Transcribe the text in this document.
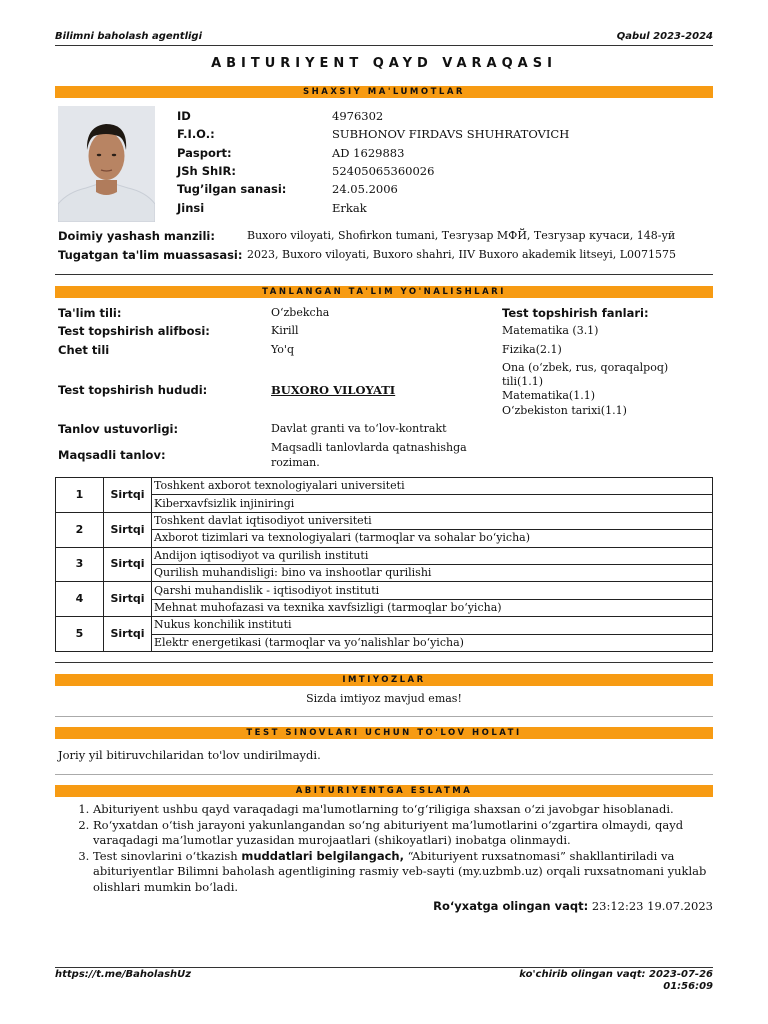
Bilimni baholash agentligi	Qabul 2023-2024
ABITURIYENT QAYD VARAQASI
SHAXSIY MA'LUMOTLAR
ID	4976302
F.I.O.:	SUBHONOV FIRDAVS SHUHRATOVICH
Pasport:	AD 1629883
JSh ShIR:	52405065360026
Tug’ilgan sanasi:	24.05.2006
Jinsi	Erkak
Doimiy yashash manzili:	Buxoro viloyati, Shofirkon tumani, Тезгузар МФЙ, Тезгузар кучаси, 148-уй
Tugatgan ta'lim muassasasi: 2023, Buxoro viloyati, Buxoro shahri, IIV Buxoro akademik litseyi, L0071575
TANLANGAN TA'LIM YO'NALISHLARI
Ta'lim tili:	O‘zbekcha
Test topshirish alifbosi:	Kirill
Chet tili	Yo'q
Test topshirish hududi:	BUXORO VILOYATI
Tanlov ustuvorligi:	Davlat granti va to‘lov-kontrakt
Maqsadli tanlov:
Maqsadli tanlovlarda qatnashishga
roziman.
Test topshirish fanlari:
Matematika (3.1)
Fizika(2.1)
Ona (o‘zbek, rus, qoraqalpoq)
tili(1.1)
Matematika(1.1)
O‘zbekiston tarixi(1.1)
1	Sirtqi	Toshkent axborot texnologiyalari universiteti
		Kiberxavfsizlik injiniringi
2	Sirtqi	Toshkent davlat iqtisodiyot universiteti
		Axborot tizimlari va texnologiyalari (tarmoqlar va sohalar bo‘yicha)
3	Sirtqi	Andijon iqtisodiyot va qurilish instituti
		Qurilish muhandisligi: bino va inshootlar qurilishi
4	Sirtqi	Qarshi muhandislik - iqtisodiyot instituti
		Mehnat muhofazasi va texnika xavfsizligi (tarmoqlar bo‘yicha)
5	Sirtqi	Nukus konchilik instituti
		Elektr energetikasi (tarmoqlar va yo‘nalishlar bo‘yicha)
IMTIYOZLAR
Sizda imtiyoz mavjud emas!
TEST SINOVLARI UCHUN TO'LOV HOLATI
Joriy yil bitiruvchilaridan to'lov undirilmaydi.
ABITURIYENTGA ESLATMA
1. Abituriyent ushbu qayd varaqadagi ma'lumotlarning to‘g‘riligiga shaxsan o‘zi javobgar hisoblanadi.
2. Ro‘yxatdan o‘tish jarayoni yakunlangandan so‘ng abituriyent ma’lumotlarini o‘zgartira olmaydi, qayd varaqadagi ma’lumotlar yuzasidan murojaatlari (shikoyatlari) inobatga olinmaydi.
3. Test sinovlarini o‘tkazish muddatlari belgilangach, “Abituriyent ruxsatnomasi” shakllantiriladi va abituriyentlar Bilimni baholash agentligining rasmiy veb-sayti (my.uzbmb.uz) orqali ruxsatnomani yuklab olishlari mumkin bo‘ladi.
Ro‘yxatga olingan vaqt: 23:12:23 19.07.2023
https://t.me/BaholashUz	ko'chirib olingan vaqt: 2023-07-26
01:56:09
